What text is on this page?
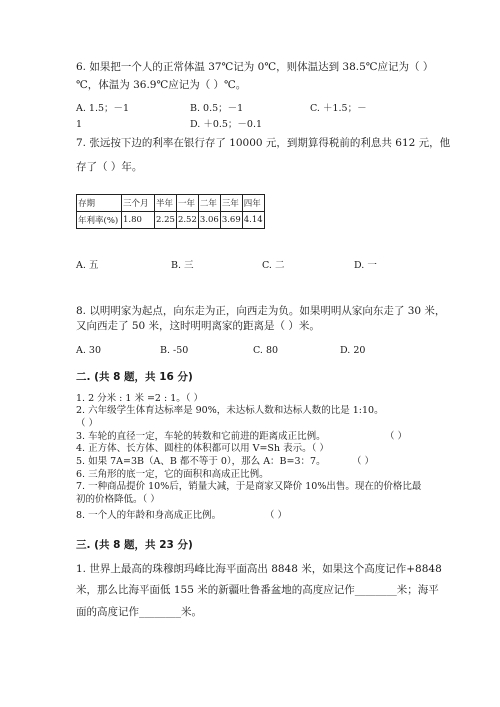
6. 如果把一个人的正常体温 37℃记为 0℃，则体温达到 38.5℃应记为（ ）
℃，体温为 36.9℃应记为（ ）℃。
A. 1.5；－1	B. 0.5；－1	C. ＋1.5；－
1	D. ＋0.5；－0.1
7. 张远按下边的利率在银行存了 10000 元，到期算得税前的利息共 612 元，他
存了（ ）年。
存期	三个月	半年	一年	二年	三年	四年
年利率(%)	1.80	2.25	2.52	3.06	3.69	4.14
A. 五	B. 三	C. 二	D. 一
8. 以明明家为起点，向东走为正，向西走为负。如果明明从家向东走了 30 米，
又向西走了 50 米，这时明明离家的距离是（ ）米。
A. 30	B. -50	C. 80	D. 20
二. (共 8 题，共 16 分)
1. 2 分米 : 1 米 =2 : 1。（ ）
2. 六年级学生体育达标率是 90%，未达标人数和达标人数的比是 1:10。
（ ）
3. 车轮的直径一定，车轮的转数和它前进的距离成正比例。	（ ）
4. 正方体、长方体、圆柱的体积都可以用 V=Sh 表示。（ ）
5. 如果 7A=3B（A、B 都不等于 0），那么 A：B=3：7。	（ ）
6. 三角形的底一定，它的面积和高成正比例。
7. 一种商品提价 10%后，销量大减，于是商家又降价 10%出售。现在的价格比最
初的价格降低。（ ）
8. 一个人的年龄和身高成正比例。	（ ）
三. (共 8 题，共 23 分)
1. 世界上最高的珠穆朗玛峰比海平面高出 8848 米，如果这个高度记作+8848
米，那么比海平面低 155 米的新疆吐鲁番盆地的高度应记作________米；海平
面的高度记作________米。
